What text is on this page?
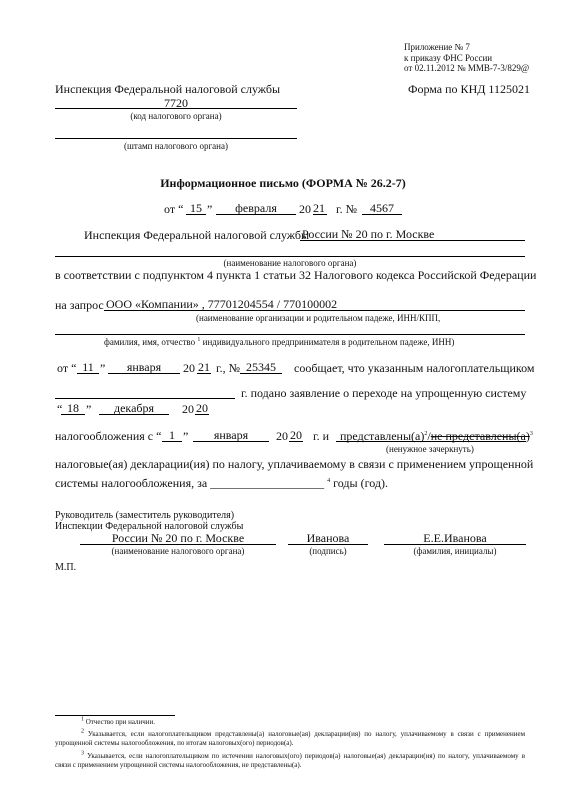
Приложение № 7
к приказу ФНС России
от 02.11.2012 № ММВ-7-3/829@
Инспекция Федеральной налоговой службы
7720
(код налогового органа)
(штамп налогового органа)
Форма по КНД 1125021
Информационное письмо (ФОРМА № 26.2-7)
от “ 15 ”	февраля	20 21 г. №	4567
Инспекция Федеральной налоговой службы
России № 20 по г. Москве
(наименование налогового органа)
в соответствии с подпунктом 4 пункта 1 статьи 32 Налогового кодекса Российской Федерации
на запрос ООО «Компании» , 77701204554 / 770100002
(наименование организации и родительном падеже, ИНН/КПП,
фамилия, имя, отчество $^1$ индивидуального предпринимателя в родительном падеже, ИНН)
от “ 11 ”	января	20 21 г., № 25345	сообщает, что указанным налогоплательщиком
г. подано заявление о переходе на упрощенную систему
“ 18 ”	декабря	20 20
налогообложения с “ 1 ”	января	20 20 г. и $представлены(а)^2/не$ $представлены(а)^3$
(ненужное зачеркнуть)
налоговые(ая) декларации(ия) по налогу, уплачиваемому в связи с применением упрощенной
системы налогообложения, за ___________________ $^4$ годы (год).
Руководитель (заместитель руководителя)
Инспекции Федеральной налоговой службы
России № 20 по г. Москве	Иванова	Е.Е.Иванова
(наименование налогового органа)	(подпись)	(фамилия, инициалы)
М.П.
$^1$ Отчество при наличии.
$^2$ Указывается, если налогоплательщиком представлены(а) налоговые(ая) декларации(ия) по налогу, уплачиваемому в связи с применением упрощенной системы налогообложения, по итогам налоговых(ого) периодов(а).
$^3$ Указывается, если налогоплательщиком по истечении налоговых(ого) периодов(а) налоговые(ая) декларации(ия) по налогу, уплачиваемому в связи с применением упрощенной системы налогообложения, не представлены(а).
